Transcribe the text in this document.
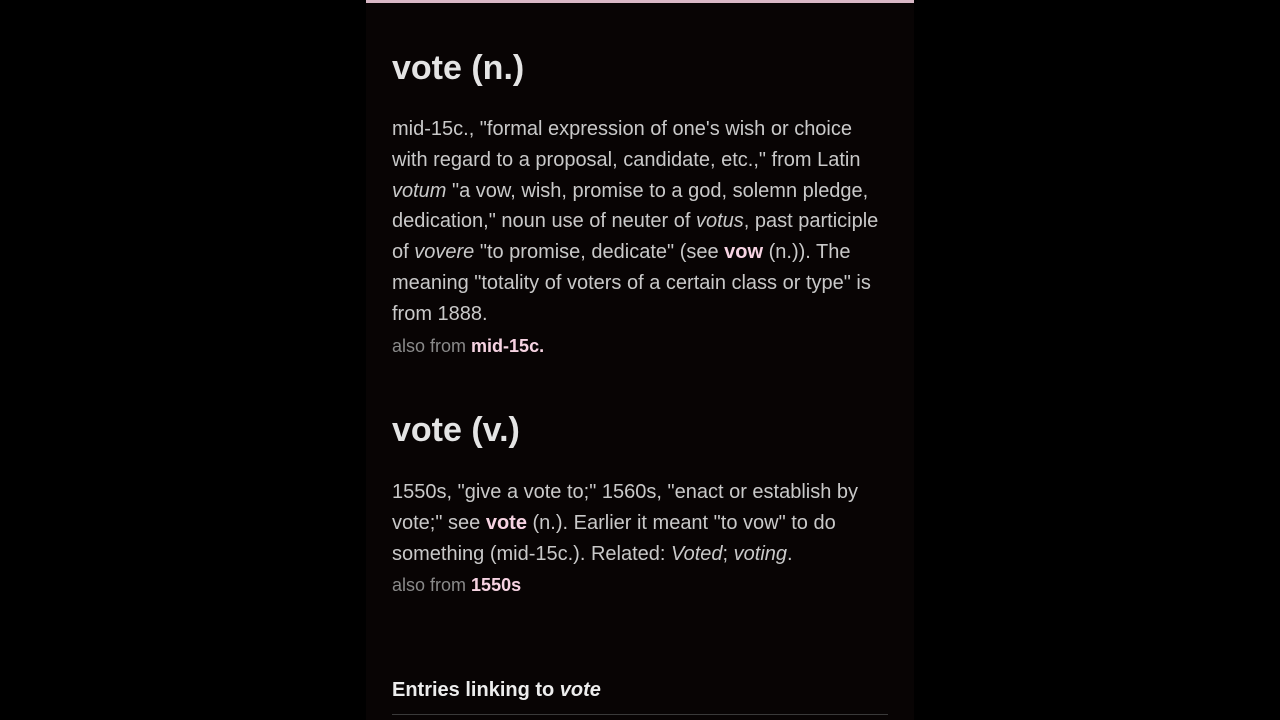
vote (n.)

mid-15c., "formal expression of one's wish or choice with regard to a proposal, candidate, etc.," from Latin votum "a vow, wish, promise to a god, solemn pledge, dedication," noun use of neuter of votus, past participle of vovere "to promise, dedicate" (see vow (n.)). The meaning "totality of voters of a certain class or type" is from 1888.

also from mid-15c.

vote (v.)

1550s, "give a vote to;" 1560s, "enact or establish by vote;" see vote (n.). Earlier it meant "to vow" to do something (mid-15c.). Related: Voted; voting.

also from 1550s

Entries linking to vote
